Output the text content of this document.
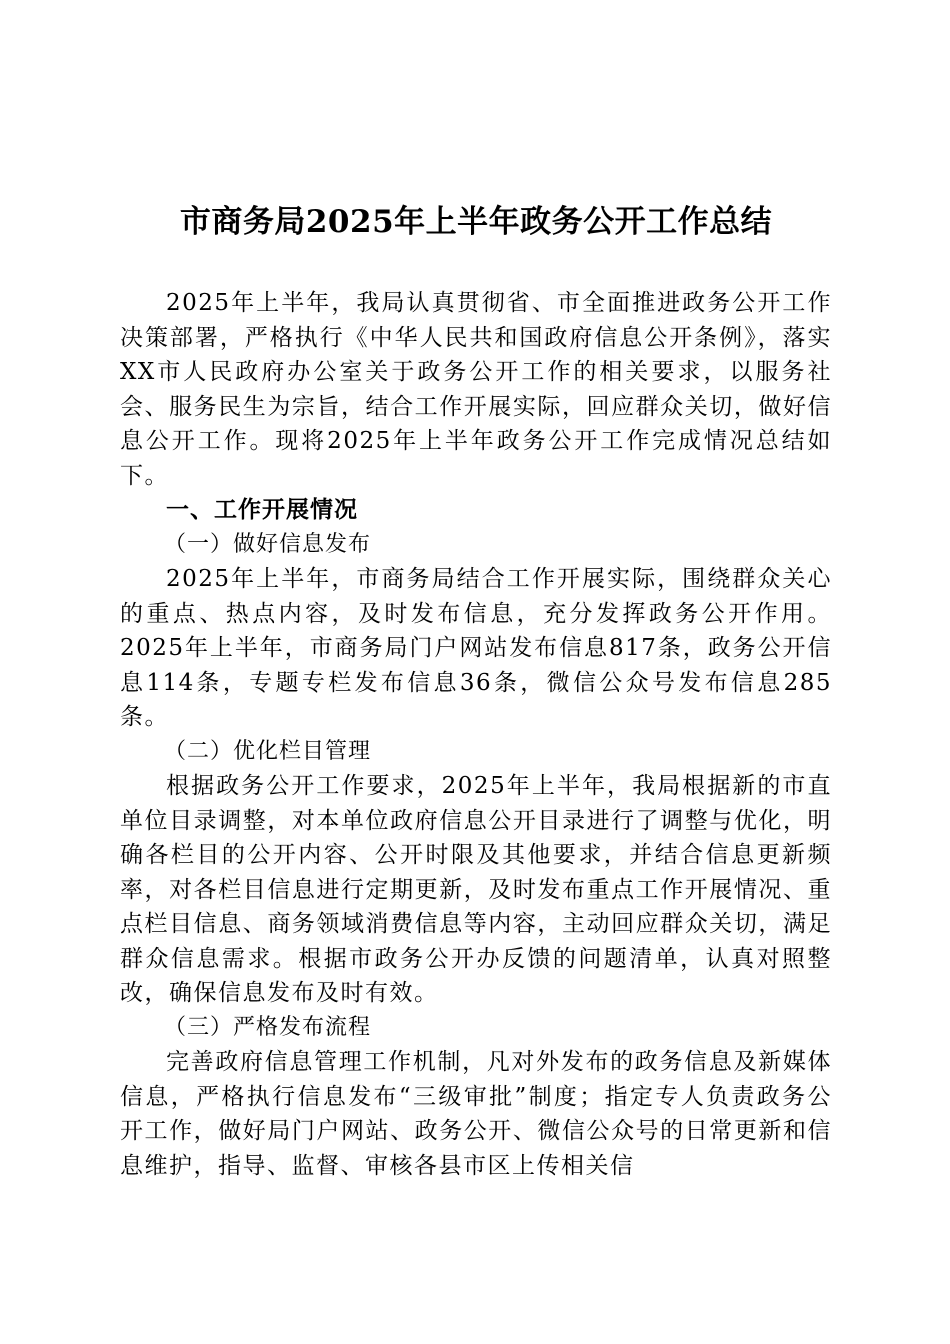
市商务局2025年上半年政务公开工作总结

2025年上半年，我局认真贯彻省、市全面推进政务公开工作决策部署，严格执行《中华人民共和国政府信息公开条例》，落实XX市人民政府办公室关于政务公开工作的相关要求，以服务社会、服务民生为宗旨，结合工作开展实际，回应群众关切，做好信息公开工作。现将2025年上半年政务公开工作完成情况总结如下。

一、工作开展情况

（一）做好信息发布

2025年上半年，市商务局结合工作开展实际，围绕群众关心的重点、热点内容，及时发布信息，充分发挥政务公开作用。2025年上半年，市商务局门户网站发布信息817条，政务公开信息114条，专题专栏发布信息36条，微信公众号发布信息285条。

（二）优化栏目管理

根据政务公开工作要求，2025年上半年，我局根据新的市直单位目录调整，对本单位政府信息公开目录进行了调整与优化，明确各栏目的公开内容、公开时限及其他要求，并结合信息更新频率，对各栏目信息进行定期更新，及时发布重点工作开展情况、重点栏目信息、商务领域消费信息等内容，主动回应群众关切，满足群众信息需求。根据市政务公开办反馈的问题清单，认真对照整改，确保信息发布及时有效。

（三）严格发布流程

完善政府信息管理工作机制，凡对外发布的政务信息及新媒体信息，严格执行信息发布“三级审批”制度；指定专人负责政务公开工作，做好局门户网站、政务公开、微信公众号的日常更新和信息维护，指导、监督、审核各县市区上传相关信
